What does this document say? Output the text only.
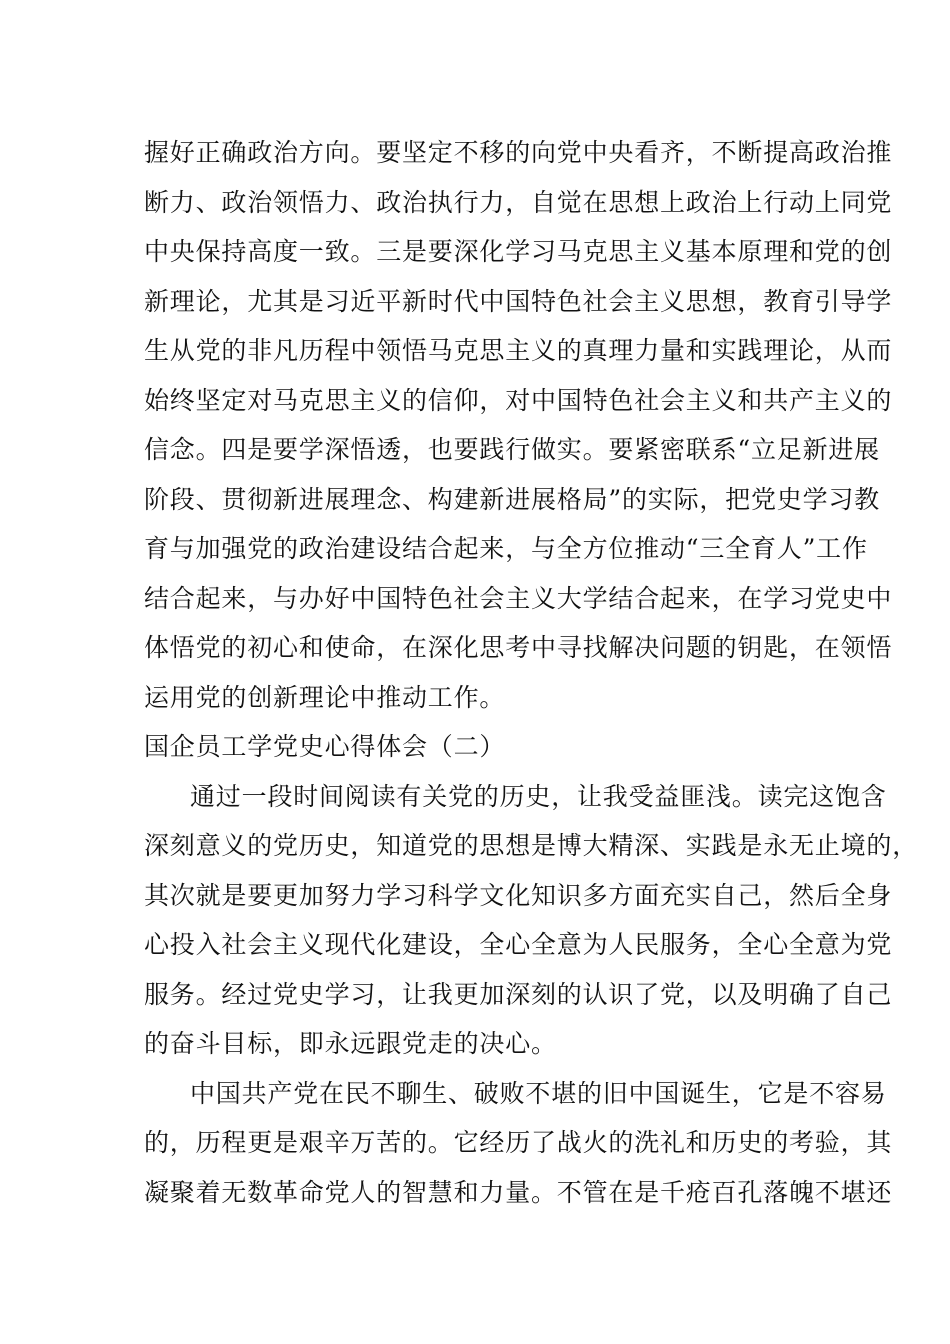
握好正确政治方向。要坚定不移的向党中央看齐，不断提高政治推
断力、政治领悟力、政治执行力，自觉在思想上政治上行动上同党
中央保持高度一致。三是要深化学习马克思主义基本原理和党的创
新理论，尤其是习近平新时代中国特色社会主义思想，教育引导学
生从党的非凡历程中领悟马克思主义的真理力量和实践理论，从而
始终坚定对马克思主义的信仰，对中国特色社会主义和共产主义的
信念。四是要学深悟透，也要践行做实。要紧密联系“立足新进展
阶段、贯彻新进展理念、构建新进展格局”的实际，把党史学习教
育与加强党的政治建设结合起来，与全方位推动“三全育人”工作
结合起来，与办好中国特色社会主义大学结合起来，在学习党史中
体悟党的初心和使命，在深化思考中寻找解决问题的钥匙，在领悟
运用党的创新理论中推动工作。
国企员工学党史心得体会（二）
通过一段时间阅读有关党的历史，让我受益匪浅。读完这饱含
深刻意义的党历史，知道党的思想是博大精深、实践是永无止境的，
其次就是要更加努力学习科学文化知识多方面充实自己，然后全身
心投入社会主义现代化建设，全心全意为人民服务，全心全意为党
服务。经过党史学习，让我更加深刻的认识了党，以及明确了自己
的奋斗目标，即永远跟党走的决心。
中国共产党在民不聊生、破败不堪的旧中国诞生，它是不容易
的，历程更是艰辛万苦的。它经历了战火的洗礼和历史的考验，其
凝聚着无数革命党人的智慧和力量。不管在是千疮百孔落魄不堪还
